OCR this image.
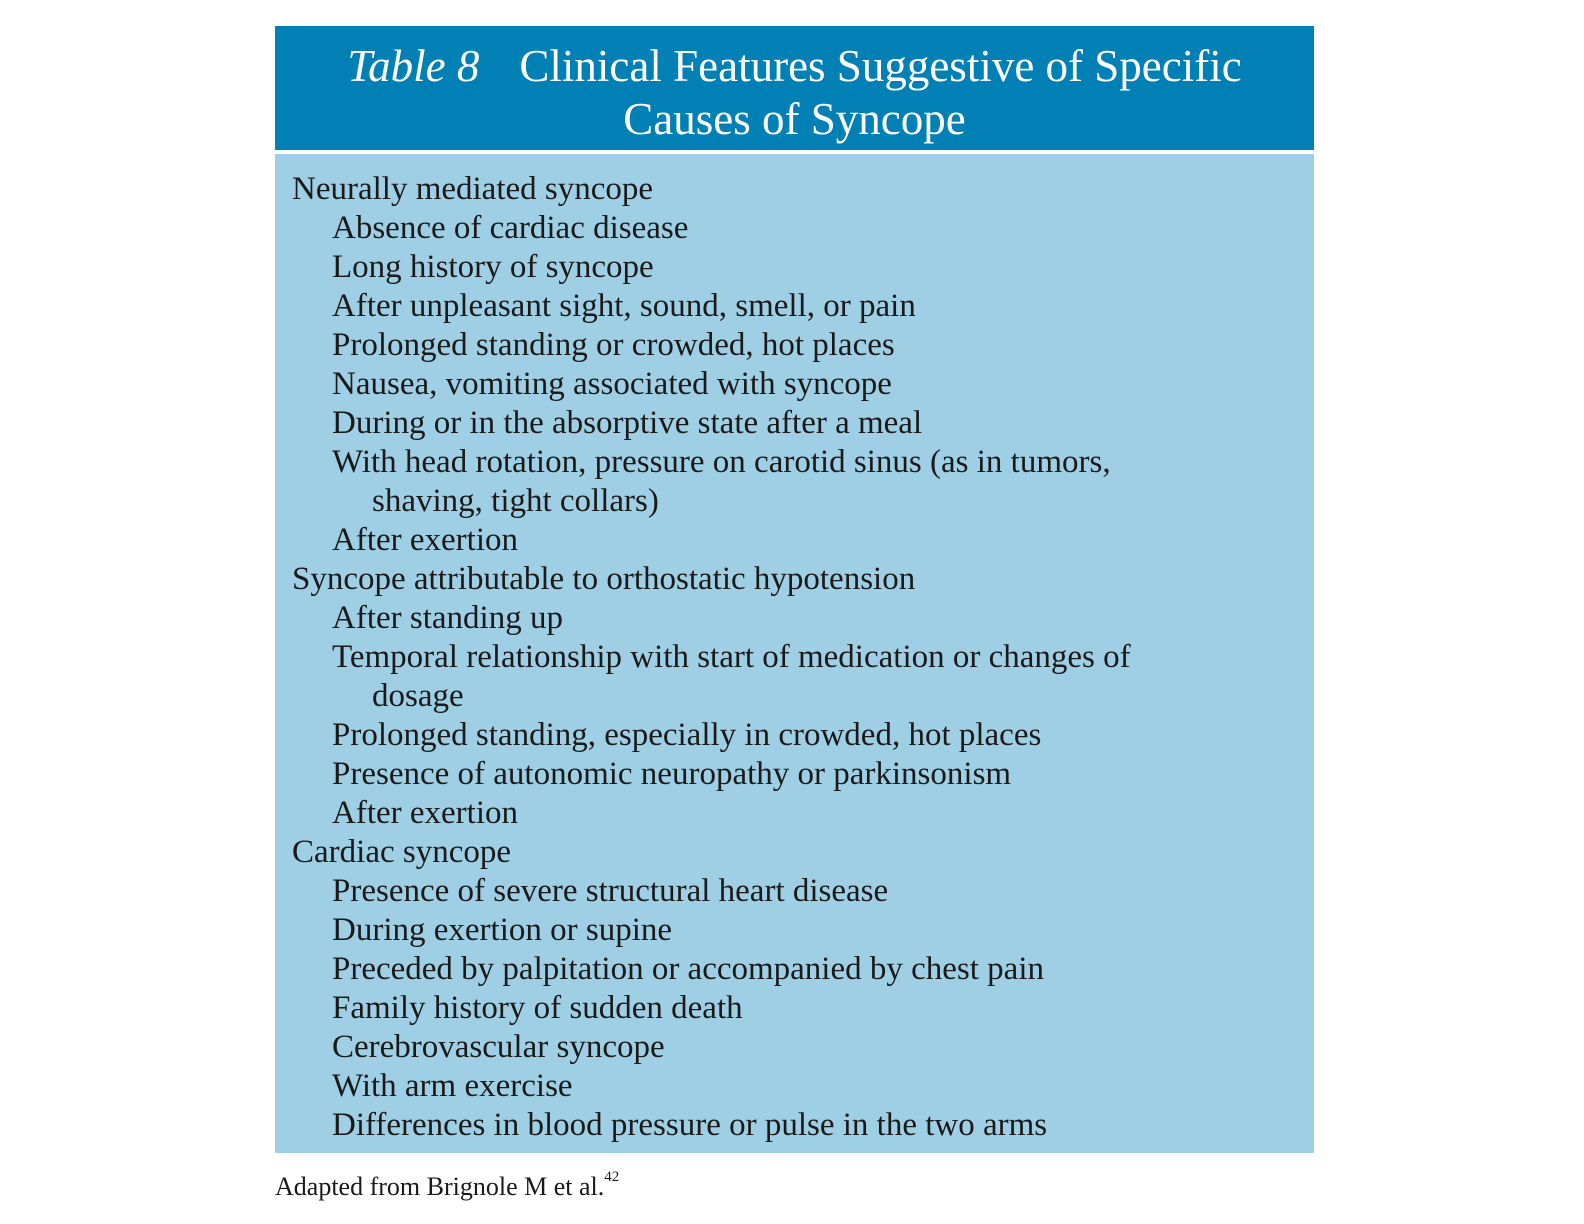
Table 8 Clinical Features Suggestive of Specific
Causes of Syncope
Neurally mediated syncope
Absence of cardiac disease
Long history of syncope
After unpleasant sight, sound, smell, or pain
Prolonged standing or crowded, hot places
Nausea, vomiting associated with syncope
During or in the absorptive state after a meal
With head rotation, pressure on carotid sinus (as in tumors,
shaving, tight collars)
After exertion
Syncope attributable to orthostatic hypotension
After standing up
Temporal relationship with start of medication or changes of
dosage
Prolonged standing, especially in crowded, hot places
Presence of autonomic neuropathy or parkinsonism
After exertion
Cardiac syncope
Presence of severe structural heart disease
During exertion or supine
Preceded by palpitation or accompanied by chest pain
Family history of sudden death
Cerebrovascular syncope
With arm exercise
Differences in blood pressure or pulse in the two arms
Adapted from Brignole M et al.$^{42}$
